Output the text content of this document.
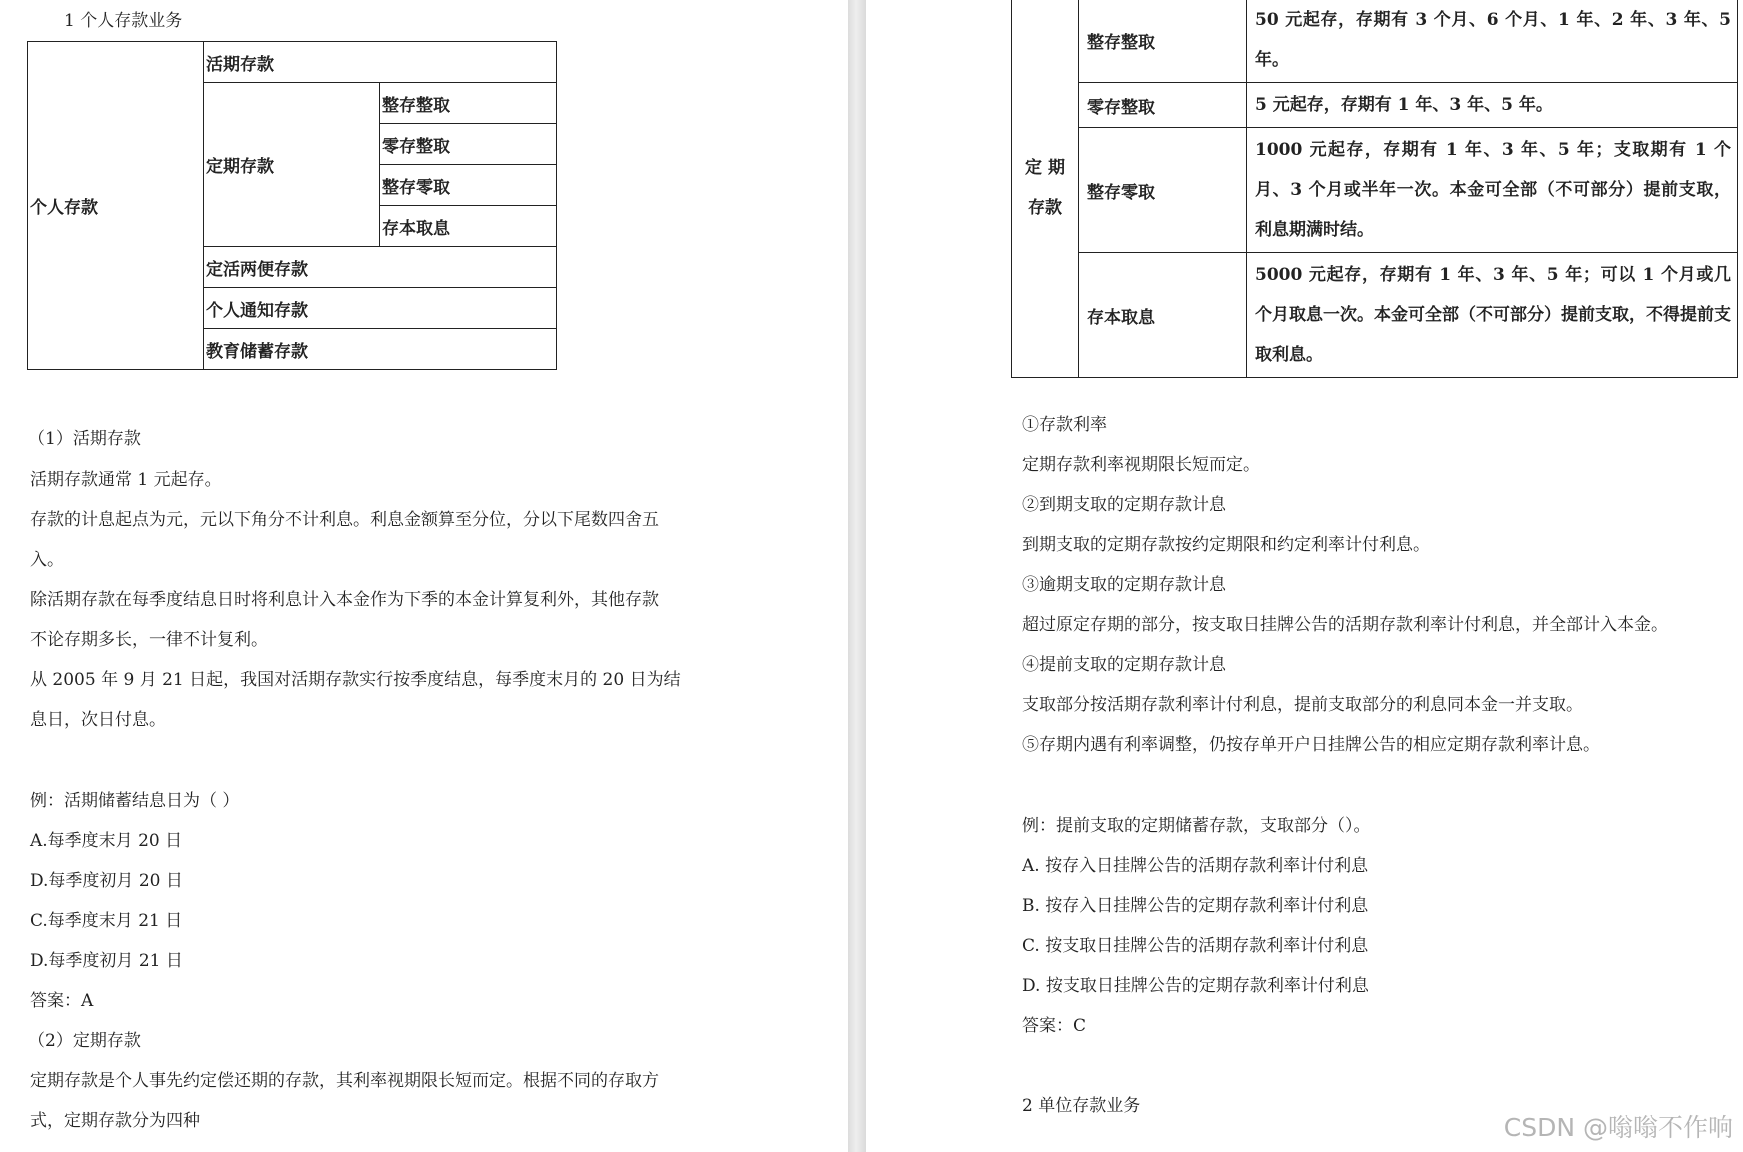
1 个人存款业务
个人存款	活期存款	
	定期存款	整存整取
		零存整取
		整存零取
		存本取息
	定活两便存款	
	个人通知存款	
	教育储蓄存款	
（1）活期存款
活期存款通常 1 元起存。
存款的计息起点为元，元以下角分不计利息。利息金额算至分位，分以下尾数四舍五
入。
除活期存款在每季度结息日时将利息计入本金作为下季的本金计算复利外，其他存款
不论存期多长，一律不计复利。
从 2005 年 9 月 21 日起，我国对活期存款实行按季度结息，每季度末月的 20 日为结
息日，次日付息。
例：活期储蓄结息日为（ ）
A.每季度末月 20 日
D.每季度初月 20 日
C.每季度末月 21 日
D.每季度初月 21 日
答案：A
（2）定期存款
定期存款是个人事先约定偿还期的存款，其利率视期限长短而定。根据不同的存取方
式，定期存款分为四种
定 期 存款	整存整取	50 元起存，存期有 3 个月、6 个月、1 年、2 年、3 年、5 年。
	零存整取	5 元起存，存期有 1 年、3 年、5 年。
	整存零取	1000 元起存，存期有 1 年、3 年、5 年；支取期有 1 个月、3 个月或半年一次。本金可全部（不可部分）提前支取，利息期满时结。
	存本取息	5000 元起存，存期有 1 年、3 年、5 年；可以 1 个月或几个月取息一次。本金可全部（不可部分）提前支取，不得提前支取利息。
①存款利率
定期存款利率视期限长短而定。
②到期支取的定期存款计息
到期支取的定期存款按约定期限和约定利率计付利息。
③逾期支取的定期存款计息
超过原定存期的部分，按支取日挂牌公告的活期存款利率计付利息，并全部计入本金。
④提前支取的定期存款计息
支取部分按活期存款利率计付利息，提前支取部分的利息同本金一并支取。
⑤存期内遇有利率调整，仍按存单开户日挂牌公告的相应定期存款利率计息。
例：提前支取的定期储蓄存款，支取部分（）。
A. 按存入日挂牌公告的活期存款利率计付利息
B. 按存入日挂牌公告的定期存款利率计付利息
C. 按支取日挂牌公告的活期存款利率计付利息
D. 按支取日挂牌公告的定期存款利率计付利息
答案：C
2 单位存款业务
CSDN @嗡嗡不作响
